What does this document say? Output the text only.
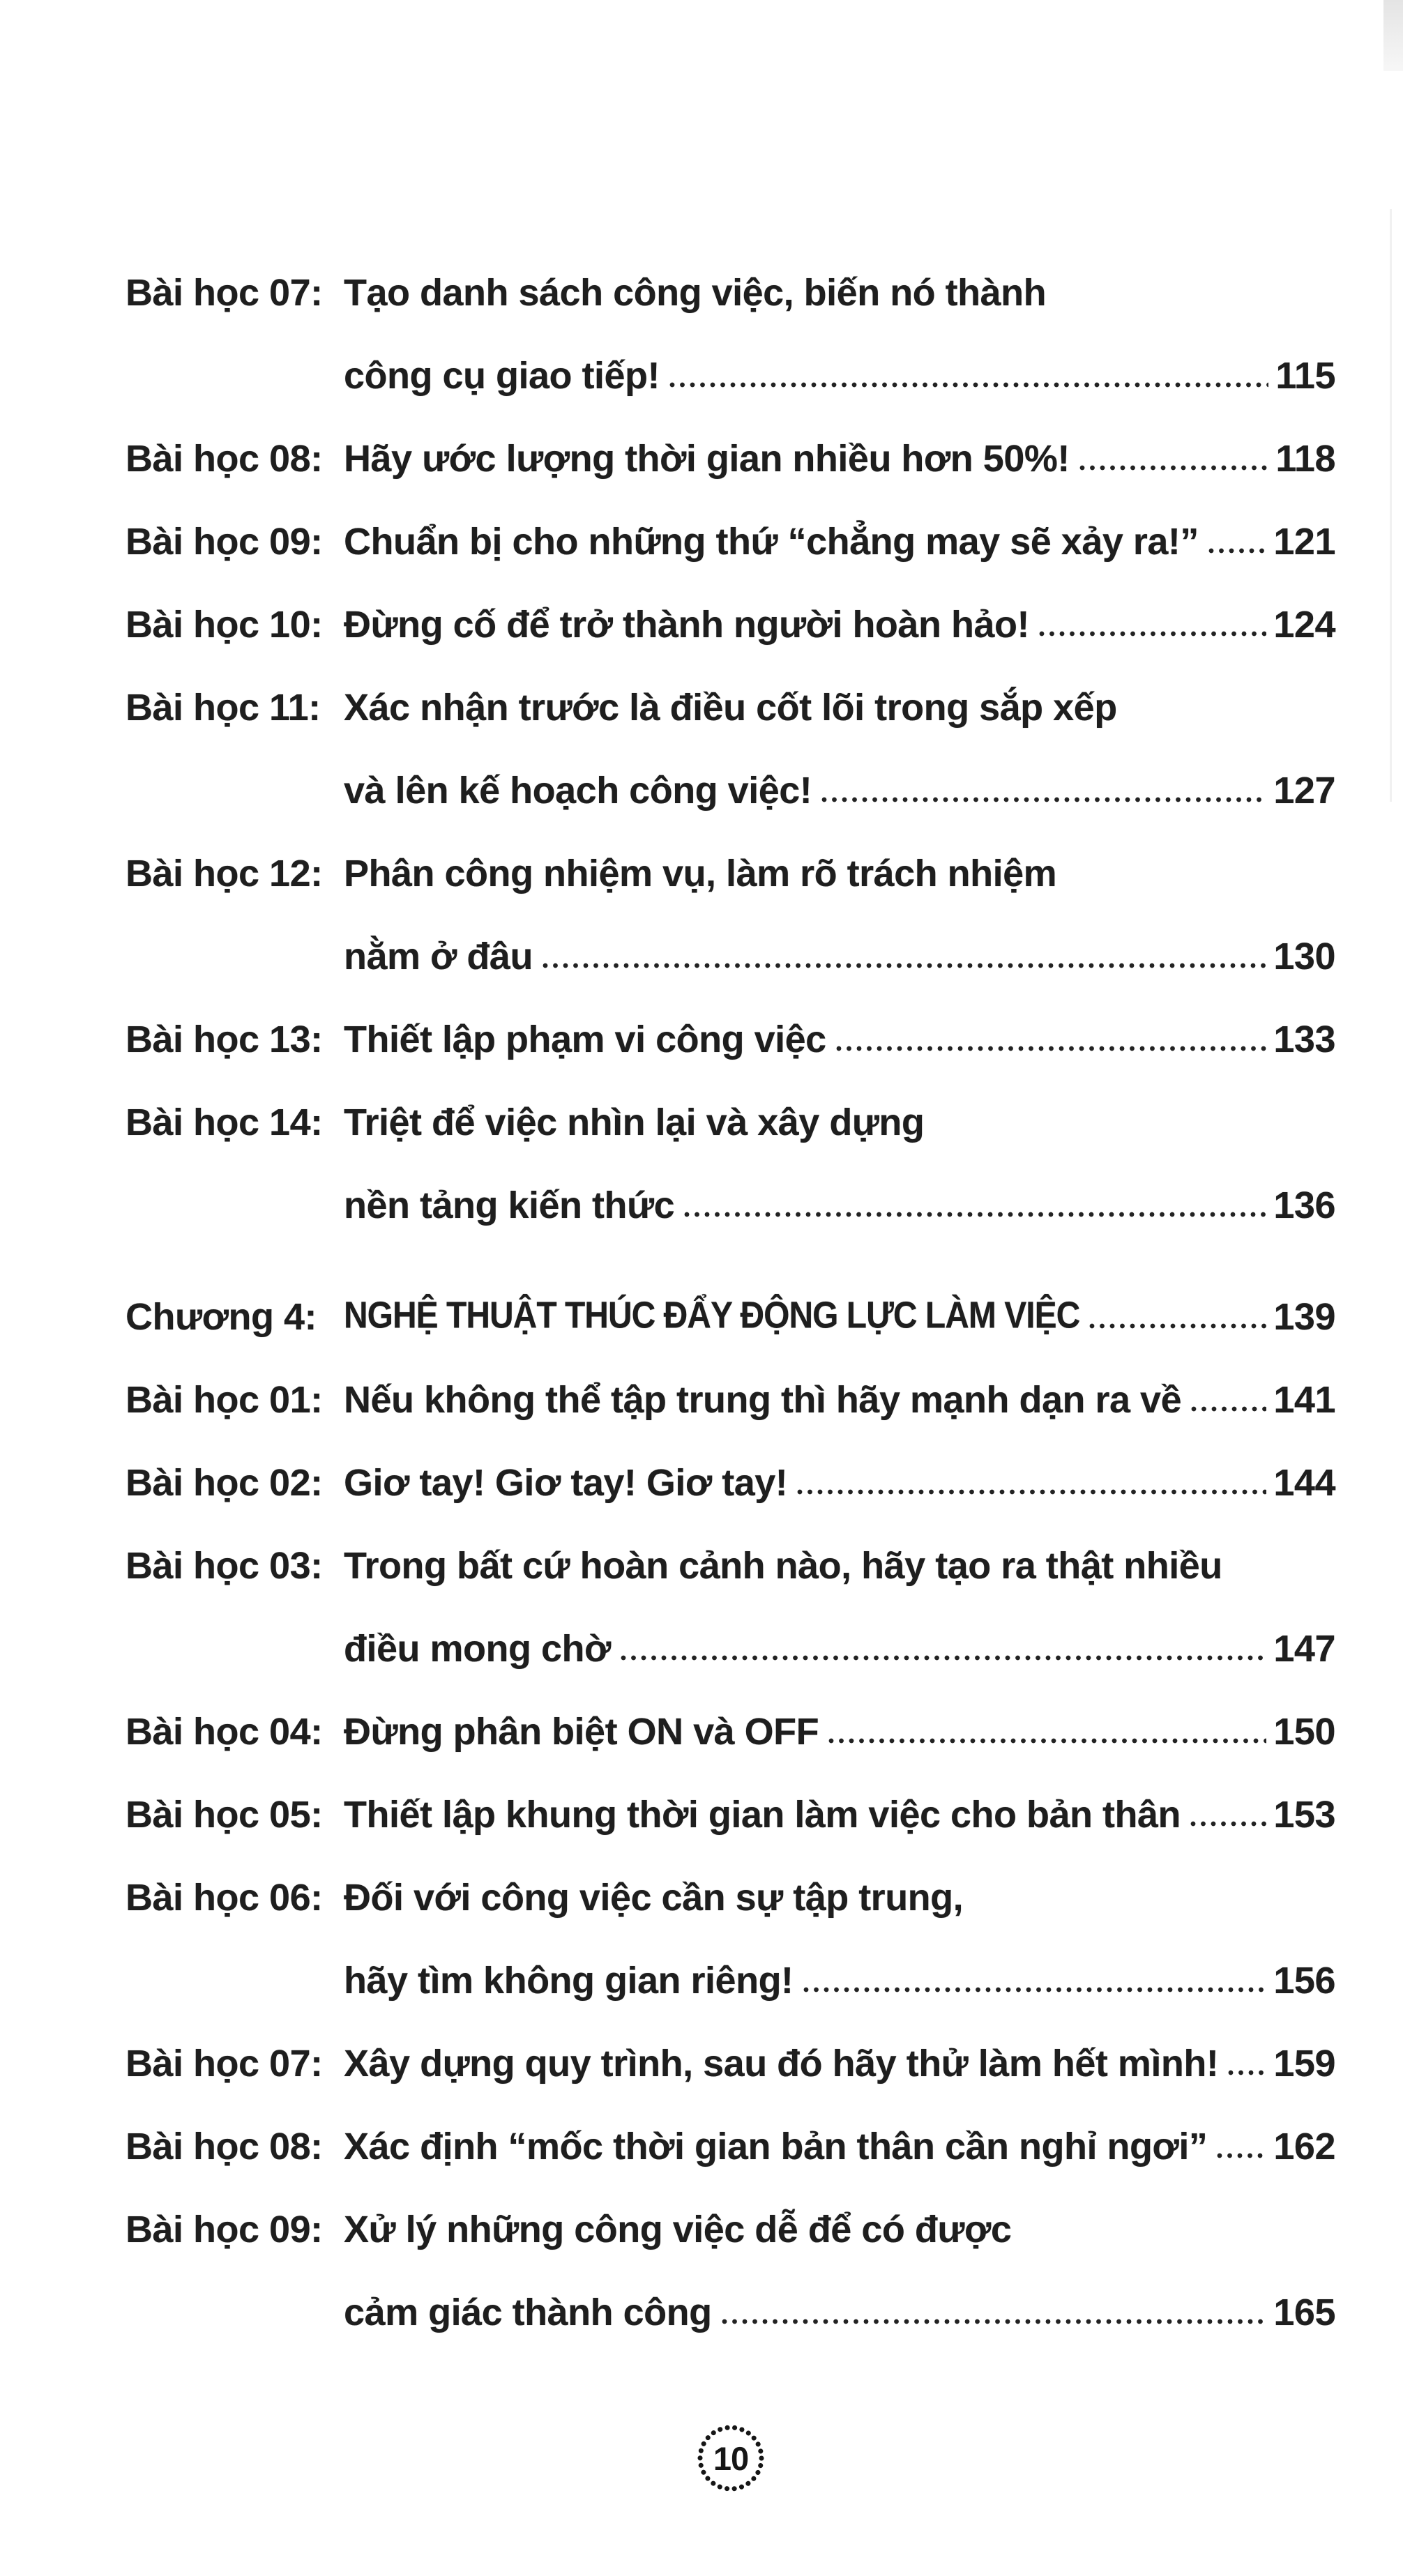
Bài học 07: Tạo danh sách công việc, biến nó thành
công cụ giao tiếp!	115
Bài học 08: Hãy ước lượng thời gian nhiều hơn 50%!	118
Bài học 09: Chuẩn bị cho những thứ “chẳng may sẽ xảy ra!” 121
Bài học 10: Đừng cố để trở thành người hoàn hảo!	124
Bài học 11: Xác nhận trước là điều cốt lõi trong sắp xếp
và lên kế hoạch công việc!	127
Bài học 12: Phân công nhiệm vụ, làm rõ trách nhiệm
nằm ở đâu	130
Bài học 13: Thiết lập phạm vi công việc	133
Bài học 14: Triệt để việc nhìn lại và xây dựng
nền tảng kiến thức	136
Chương 4: NGHỆ THUẬT THÚC ĐẨY ĐỘNG LỰC LÀM VIỆC	139
Bài học 01: Nếu không thể tập trung thì hãy mạnh dạn ra về 141
Bài học 02: Giơ tay! Giơ tay! Giơ tay!	144
Bài học 03: Trong bất cứ hoàn cảnh nào, hãy tạo ra thật nhiều
điều mong chờ	147
Bài học 04: Đừng phân biệt ON và OFF	150
Bài học 05: Thiết lập khung thời gian làm việc cho bản thân 153
Bài học 06: Đối với công việc cần sự tập trung,
hãy tìm không gian riêng!	156
Bài học 07: Xây dựng quy trình, sau đó hãy thử làm hết mình! 159
Bài học 08: Xác định “mốc thời gian bản thân cần nghỉ ngơi” 162
Bài học 09: Xử lý những công việc dễ để có được
cảm giác thành công	165
10
